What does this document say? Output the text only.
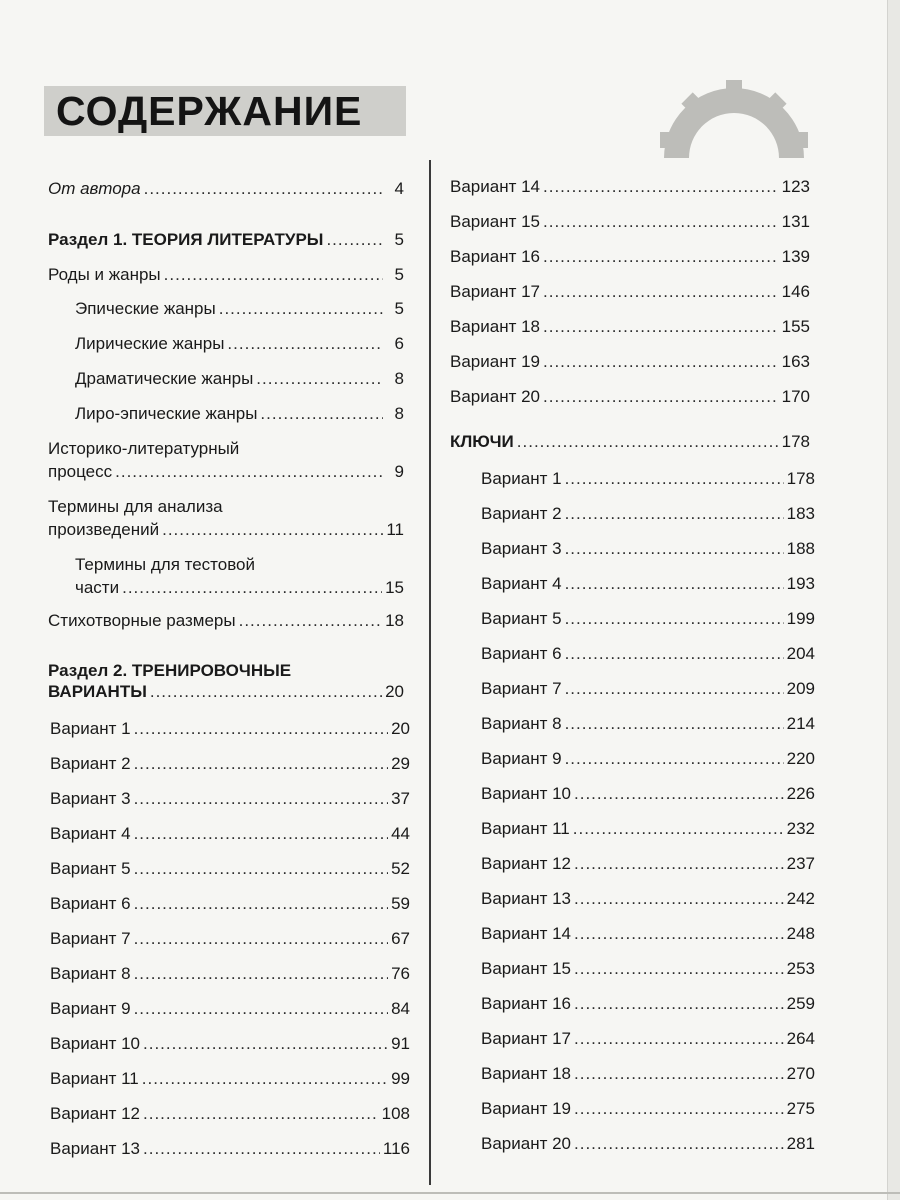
СОДЕРЖАНИЕ
От автора .....	4
Раздел 1. ТЕОРИЯ ЛИТЕРАТУРЫ .....	5
Роды и жанры .....	5
Эпические жанры .....	5
Лирические жанры .....	6
Драматические жанры .....	8
Лиро-эпические жанры .....	8
Историко-литературный
процесс .....	9
Термины для анализа
произведений .....	11
Термины для тестовой
части .....	15
Стихотворные размеры .....	18
Раздел 2. ТРЕНИРОВОЧНЫЕ
ВАРИАНТЫ .....	20
Вариант 1 .....	20
Вариант 2 .....	29
Вариант 3 .....	37
Вариант 4 .....	44
Вариант 5 .....	52
Вариант 6 .....	59
Вариант 7 .....	67
Вариант 8 .....	76
Вариант 9 .....	84
Вариант 10 .....	91
Вариант 11 .....	99
Вариант 12 .....	108
Вариант 13 .....	116
Вариант 14 .....	123
Вариант 15 .....	131
Вариант 16 .....	139
Вариант 17 .....	146
Вариант 18 .....	155
Вариант 19 .....	163
Вариант 20 .....	170
КЛЮЧИ .....	178
Вариант 1 .....	178
Вариант 2 .....	183
Вариант 3 .....	188
Вариант 4 .....	193
Вариант 5 .....	199
Вариант 6 .....	204
Вариант 7 .....	209
Вариант 8 .....	214
Вариант 9 .....	220
Вариант 10 .....	226
Вариант 11 .....	232
Вариант 12 .....	237
Вариант 13 .....	242
Вариант 14 .....	248
Вариант 15 .....	253
Вариант 16 .....	259
Вариант 17 .....	264
Вариант 18 .....	270
Вариант 19 .....	275
Вариант 20 .....	281
